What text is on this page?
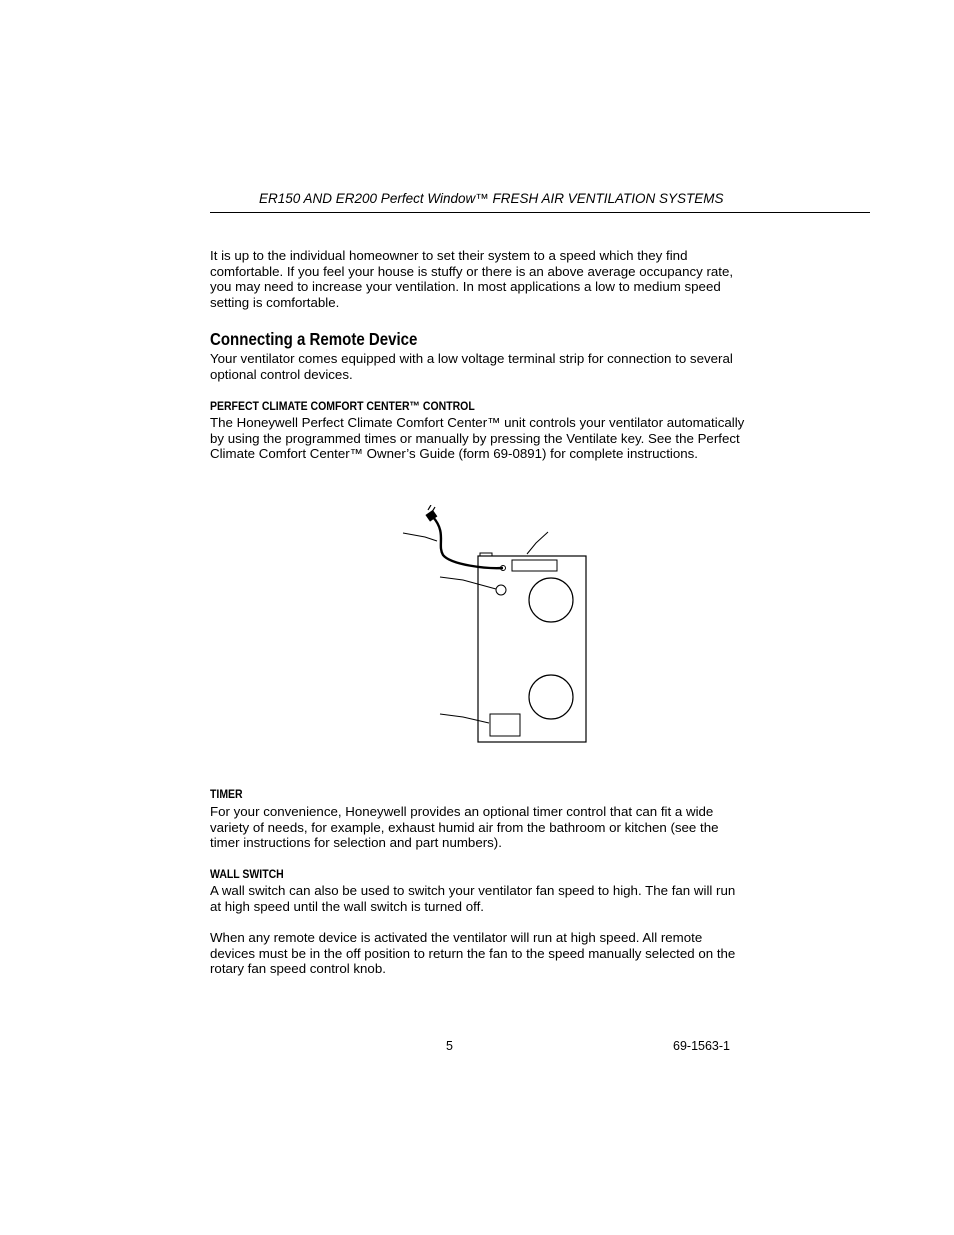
ER150 AND ER200 Perfect Window™ FRESH AIR VENTILATION SYSTEMS

It is up to the individual homeowner to set their system to a speed which they find comfortable. If you feel your house is stuffy or there is an above average occupancy rate, you may need to increase your ventilation. In most applications a low to medium speed setting is comfortable.

Connecting a Remote Device

Your ventilator comes equipped with a low voltage terminal strip for connection to several optional control devices.

PERFECT CLIMATE COMFORT CENTER™ CONTROL

The Honeywell Perfect Climate Comfort Center™ unit controls your ventilator automatically by using the programmed times or manually by pressing the Ventilate key. See the Perfect Climate Comfort Center™ Owner’s Guide (form 69-0891) for complete instructions.

TIMER

For your convenience, Honeywell provides an optional timer control that can fit a wide variety of needs, for example, exhaust humid air from the bathroom or kitchen (see the timer instructions for selection and part numbers).

WALL SWITCH

A wall switch can also be used to switch your ventilator fan speed to high. The fan will run at high speed until the wall switch is turned off.

When any remote device is activated the ventilator will run at high speed. All remote devices must be in the off position to return the fan to the speed manually selected on the rotary fan speed control knob.

5	69-1563-1
